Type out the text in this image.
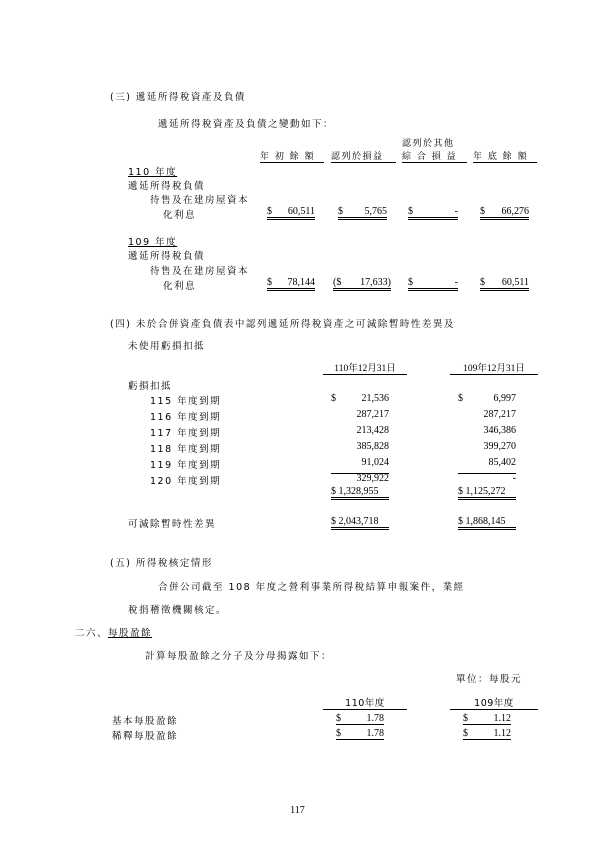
(三) 遞延所得稅資產及負債
遞延所得稅資產及負債之變動如下：
認列於其他
年 初 餘 額 認列於損益 綜 合 損 益 年 底 餘 額
110 年度
遞延所得稅負債
待售及在建房屋資本
化利息	$ 60,511 $ 5,765 $	- $ 66,276
109 年度
遞延所得稅負債
待售及在建房屋資本
化利息	$ 78,144 ($ 17,633) $	- $ 60,511
(四) 未於合併資產負債表中認列遞延所得稅資產之可減除暫時性差異及
未使用虧損扣抵
110年12月31日	109年12月31日
虧損扣抵
115 年度到期	$	21,536	$	6,997
116 年度到期	287,217	287,217
117 年度到期	213,428	346,386
118 年度到期	385,828	399,270
119 年度到期	91,024	85,402
120 年度到期	329,922	-
$ 1,328,955	$ 1,125,272
可減除暫時性差異	$ 2,043,718	$ 1,868,145
(五) 所得稅核定情形
合併公司截至 108 年度之營利事業所得稅結算申報案件，業經
稅捐稽徵機關核定。
二六、每股盈餘
計算每股盈餘之分子及分母揭露如下：
單位：每股元
110年度	109年度
基本每股盈餘	$	1.78	$	1.12
稀釋每股盈餘	$	1.78	$	1.12
117
